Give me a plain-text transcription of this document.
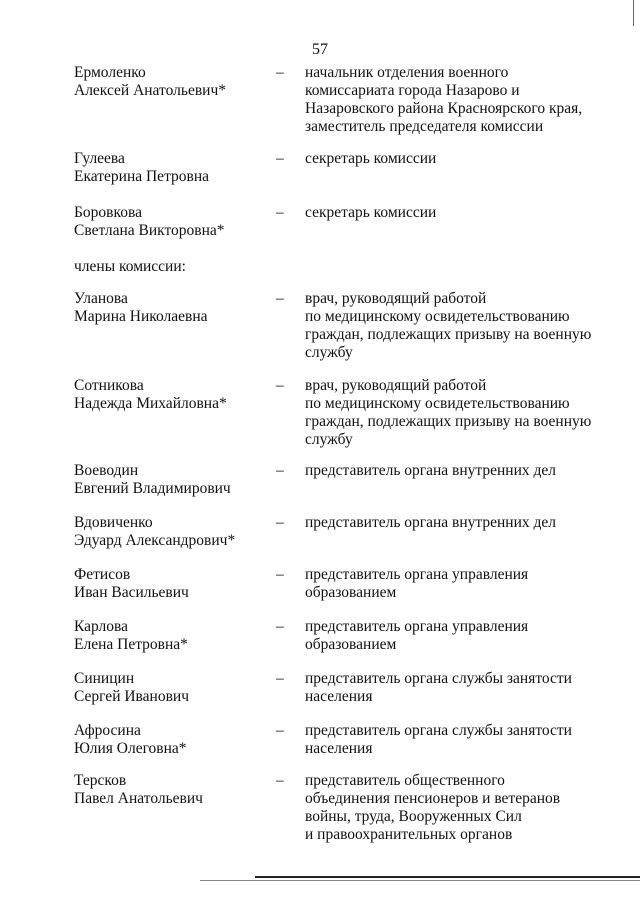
57
Ермоленко
Алексей Анатольевич*
– начальник отделения военного
комиссариата города Назарово и
Назаровского района Красноярского края,
заместитель председателя комиссии
Гулеева
Екатерина Петровна
– секретарь комиссии
Боровкова
Светлана Викторовна*
– секретарь комиссии
Уланова
Марина Николаевна
– врач, руководящий работой
по медицинскому освидетельствованию
граждан, подлежащих призыву на военную
службу
Сотникова
Надежда Михайловна*
– врач, руководящий работой
по медицинскому освидетельствованию
граждан, подлежащих призыву на военную
службу
Воеводин
Евгений Владимирович
– представитель органа внутренних дел
Вдовиченко
Эдуард Александрович*
– представитель органа внутренних дел
Фетисов
Иван Васильевич
– представитель органа управления
образованием
Карлова
Елена Петровна*
– представитель органа управления
образованием
Синицин
Сергей Иванович
– представитель органа службы занятости
населения
Афросина
Юлия Олеговна*
– представитель органа службы занятости
населения
Терсков
Павел Анатольевич
– представитель общественного
объединения пенсионеров и ветеранов
войны, труда, Вооруженных Сил
и правоохранительных органов
члены комиссии:
